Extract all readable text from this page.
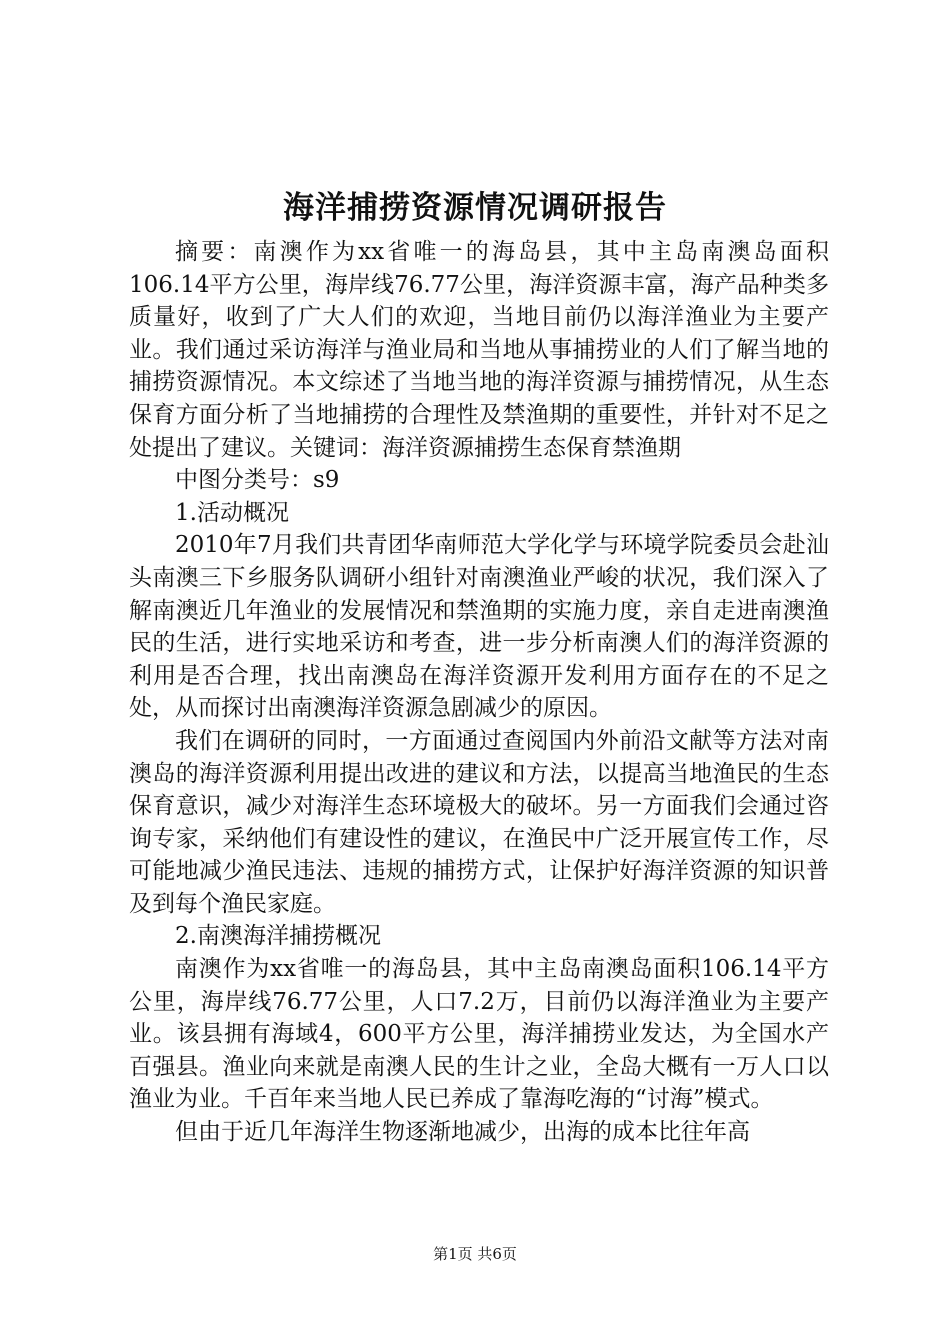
海洋捕捞资源情况调研报告

摘要：南澳作为xx省唯一的海岛县，其中主岛南澳岛面积106.14平方公里，海岸线76.77公里，海洋资源丰富，海产品种类多质量好，收到了广大人们的欢迎，当地目前仍以海洋渔业为主要产业。我们通过采访海洋与渔业局和当地从事捕捞业的人们了解当地的捕捞资源情况。本文综述了当地当地的海洋资源与捕捞情况，从生态保育方面分析了当地捕捞的合理性及禁渔期的重要性，并针对不足之处提出了建议。关键词：海洋资源捕捞生态保育禁渔期

中图分类号：s9

1.活动概况

2010年7月我们共青团华南师范大学化学与环境学院委员会赴汕头南澳三下乡服务队调研小组针对南澳渔业严峻的状况，我们深入了解南澳近几年渔业的发展情况和禁渔期的实施力度，亲自走进南澳渔民的生活，进行实地采访和考查，进一步分析南澳人们的海洋资源的利用是否合理，找出南澳岛在海洋资源开发利用方面存在的不足之处，从而探讨出南澳海洋资源急剧减少的原因。

我们在调研的同时，一方面通过查阅国内外前沿文献等方法对南澳岛的海洋资源利用提出改进的建议和方法，以提高当地渔民的生态保育意识，减少对海洋生态环境极大的破坏。另一方面我们会通过咨询专家，采纳他们有建设性的建议，在渔民中广泛开展宣传工作，尽可能地减少渔民违法、违规的捕捞方式，让保护好海洋资源的知识普及到每个渔民家庭。

2.南澳海洋捕捞概况

南澳作为xx省唯一的海岛县，其中主岛南澳岛面积106.14平方公里，海岸线76.77公里，人口7.2万，目前仍以海洋渔业为主要产业。该县拥有海域4，600平方公里，海洋捕捞业发达，为全国水产百强县。渔业向来就是南澳人民的生计之业，全岛大概有一万人口以渔业为业。千百年来当地人民已养成了靠海吃海的“讨海”模式。

但由于近几年海洋生物逐渐地减少，出海的成本比往年高

第1页 共6页
